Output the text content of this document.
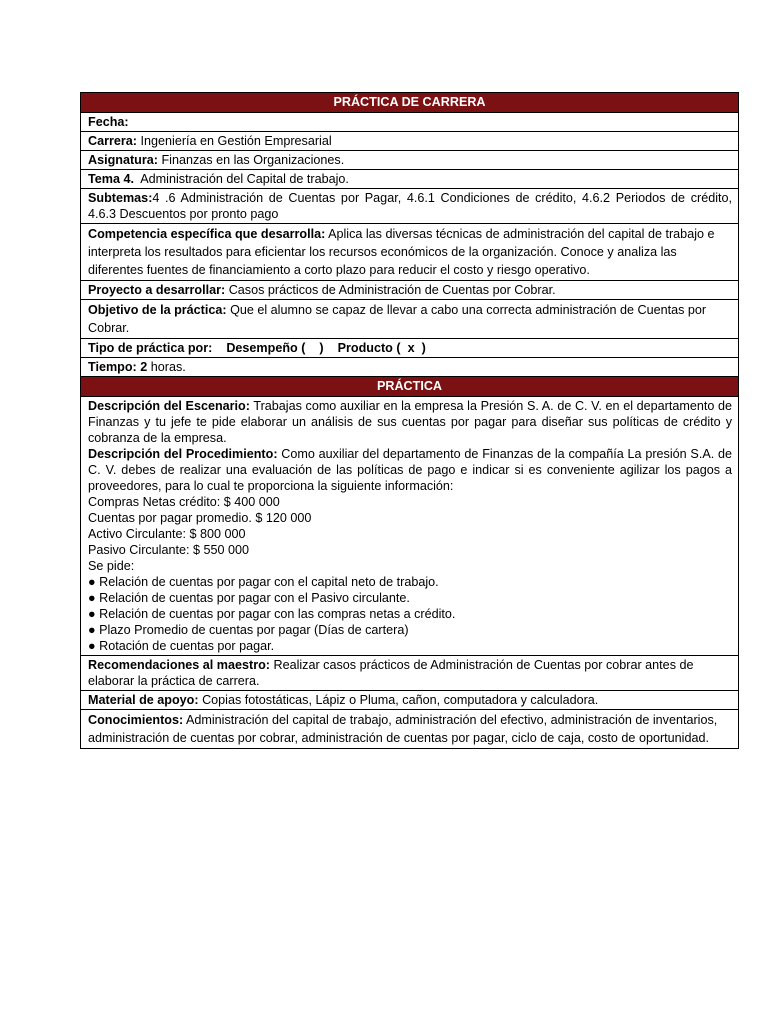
PRÁCTICA DE CARRERA
Fecha:
Carrera: Ingeniería en Gestión Empresarial
Asignatura: Finanzas en las Organizaciones.
Tema 4.  Administración del Capital de trabajo.
Subtemas:4 .6 Administración de Cuentas por Pagar, 4.6.1 Condiciones de crédito, 4.6.2 Periodos de crédito, 4.6.3 Descuentos por pronto pago
Competencia específica que desarrolla: Aplica las diversas técnicas de administración del capital de trabajo e interpreta los resultados para eficientar los recursos económicos de la organización. Conoce y analiza las diferentes fuentes de financiamiento a corto plazo para reducir el costo y riesgo operativo.
Proyecto a desarrollar: Casos prácticos de Administración de Cuentas por Cobrar.
Objetivo de la práctica: Que el alumno se capaz de llevar a cabo una correcta administración de Cuentas por Cobrar.
Tipo de práctica por: Desempeño (    ) Producto (  x  )
Tiempo: 2 horas.
PRÁCTICA

Descripción del Escenario: Trabajas como auxiliar en la empresa la Presión S. A. de C. V. en el departamento de Finanzas y tu jefe te pide elaborar un análisis de sus cuentas por pagar para diseñar sus políticas de crédito y cobranza de la empresa.

Descripción del Procedimiento: Como auxiliar del departamento de Finanzas de la compañía La presión S.A. de C. V. debes de realizar una evaluación de las políticas de pago e indicar si es conveniente agilizar los pagos a proveedores, para lo cual te proporciona la siguiente información:

Compras Netas crédito: $ 400 000
Cuentas por pagar promedio. $ 120 000
Activo Circulante: $ 800 000
Pasivo Circulante: $ 550 000
Se pide:
● Relación de cuentas por pagar con el capital neto de trabajo.
● Relación de cuentas por pagar con el Pasivo circulante.
● Relación de cuentas por pagar con las compras netas a crédito.
● Plazo Promedio de cuentas por pagar (Días de cartera)
● Rotación de cuentas por pagar.

Recomendaciones al maestro: Realizar casos prácticos de Administración de Cuentas por cobrar antes de elaborar la práctica de carrera.
Material de apoyo: Copias fotostáticas, Lápiz o Pluma, cañon, computadora y calculadora.
Conocimientos: Administración del capital de trabajo, administración del efectivo, administración de inventarios, administración de cuentas por cobrar, administración de cuentas por pagar, ciclo de caja, costo de oportunidad.
